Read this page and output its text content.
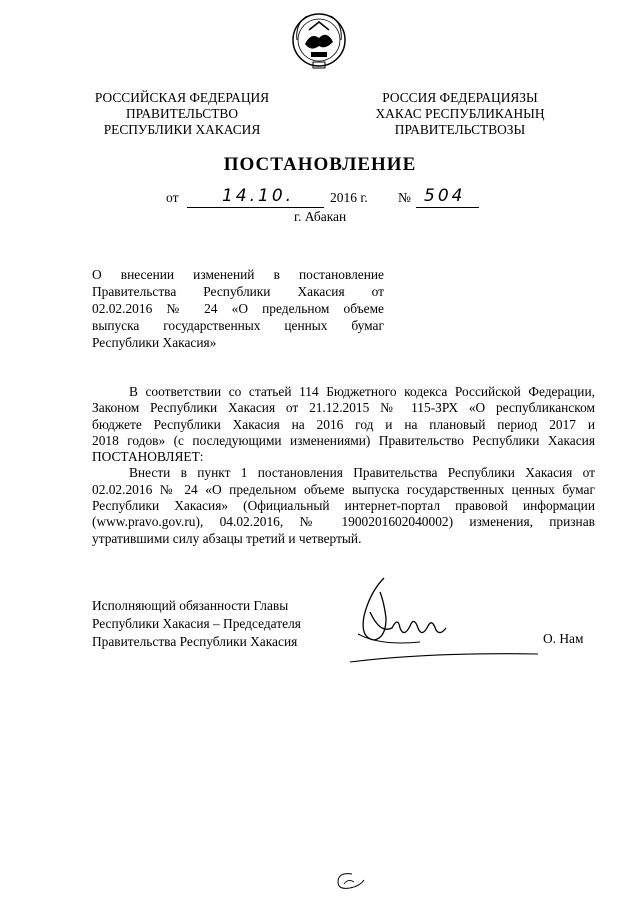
РОССИЙСКАЯ ФЕДЕРАЦИЯ
ПРАВИТЕЛЬСТВО
РЕСПУБЛИКИ ХАКАСИЯ
РОССИЯ ФЕДЕРАЦИЯЗЫ
ХАКАС РЕСПУБЛИКАНЫҢ
ПРАВИТЕЛЬСТВОЗЫ
ПОСТАНОВЛЕНИЕ
от	14.10.	2016 г. № 504
г. Абакан
О внесении изменений в постановление
Правительства Республики Хакасия от
02.02.2016 № 24 «О предельном объеме
выпуска государственных ценных бумаг
Республики Хакасия»
В соответствии со статьей 114 Бюджетного кодекса Российской Федерации,
Законом Республики Хакасия от 21.12.2015 № 115-ЗРХ «О республиканском
бюджете Республики Хакасия на 2016 год и на плановый период 2017 и
2018 годов» (с последующими изменениями) Правительство Республики Хакасия
ПОСТАНОВЛЯЕТ:
Внести в пункт 1 постановления Правительства Республики Хакасия от
02.02.2016 № 24 «О предельном объеме выпуска государственных ценных бумаг
Республики Хакасия» (Официальный интернет-портал правовой информации
(www.pravo.gov.ru), 04.02.2016, № 1900201602040002) изменения, признав
утратившими силу абзацы третий и четвертый.
Исполняющий обязанности Главы
Республики Хакасия – Председателя
Правительства Республики Хакасия	О. Нам
